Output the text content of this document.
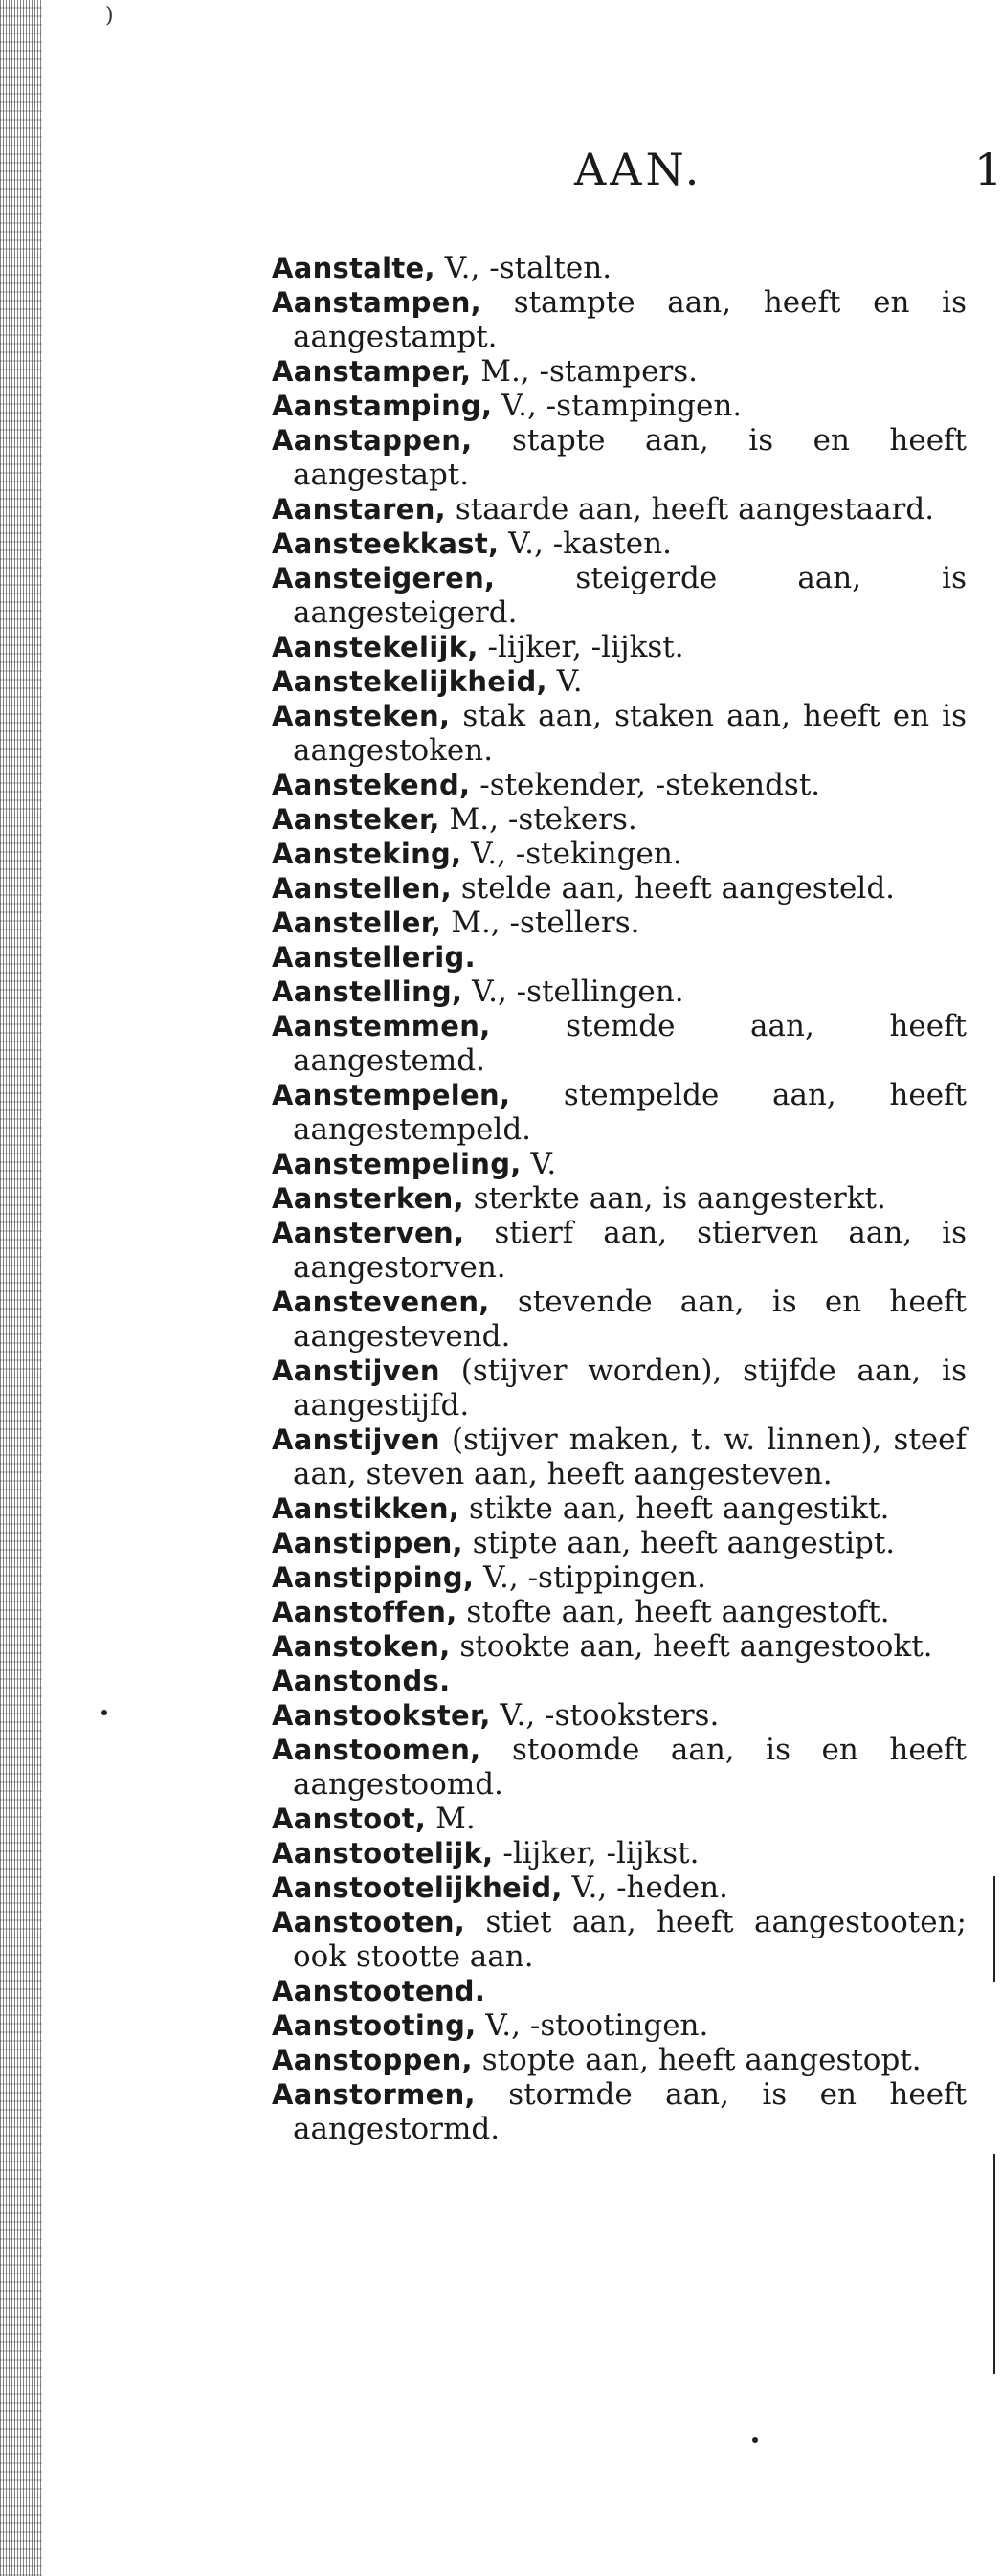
)
AAN.	1
Aanstalte, V., -stalten.
Aanstampen, stampte aan, heeft en is aangestampt.
Aanstamper, M., -stampers.
Aanstamping, V., -stampingen.
Aanstappen, stapte aan, is en heeft aangestapt.
Aanstaren, staarde aan, heeft aangestaard.
Aansteekkast, V., -kasten.
Aansteigeren, steigerde aan, is aangesteigerd.
Aanstekelijk, -lijker, -lijkst.
Aanstekelijkheid, V.
Aansteken, stak aan, staken aan, heeft en is aangestoken.
Aanstekend, -stekender, -stekendst.
Aansteker, M., -stekers.
Aansteking, V., -stekingen.
Aanstellen, stelde aan, heeft aangesteld.
Aansteller, M., -stellers.
Aanstellerig.
Aanstelling, V., -stellingen.
Aanstemmen, stemde aan, heeft aangestemd.
Aanstempelen, stempelde aan, heeft aangestempeld.
Aanstempeling, V.
Aansterken, sterkte aan, is aangesterkt.
Aansterven, stierf aan, stierven aan, is aangestorven.
Aanstevenen, stevende aan, is en heeft aangestevend.
Aanstijven (stijver worden), stijfde aan, is aangestijfd.
Aanstijven (stijver maken, t. w. linnen), steef aan, steven aan, heeft aangesteven.
Aanstikken, stikte aan, heeft aangestikt.
Aanstippen, stipte aan, heeft aangestipt.
Aanstipping, V., -stippingen.
Aanstoffen, stofte aan, heeft aangestoft.
Aanstoken, stookte aan, heeft aangestookt.
Aanstonds.
Aanstookster, V., -stooksters.
Aanstoomen, stoomde aan, is en heeft aangestoomd.
Aanstoot, M.
Aanstootelijk, -lijker, -lijkst.
Aanstootelijkheid, V., -heden.
Aanstooten, stiet aan, heeft aangestooten; ook stootte aan.
Aanstootend.
Aanstooting, V., -stootingen.
Aanstoppen, stopte aan, heeft aangestopt.
Aanstormen, stormde aan, is en heeft aangestormd.
